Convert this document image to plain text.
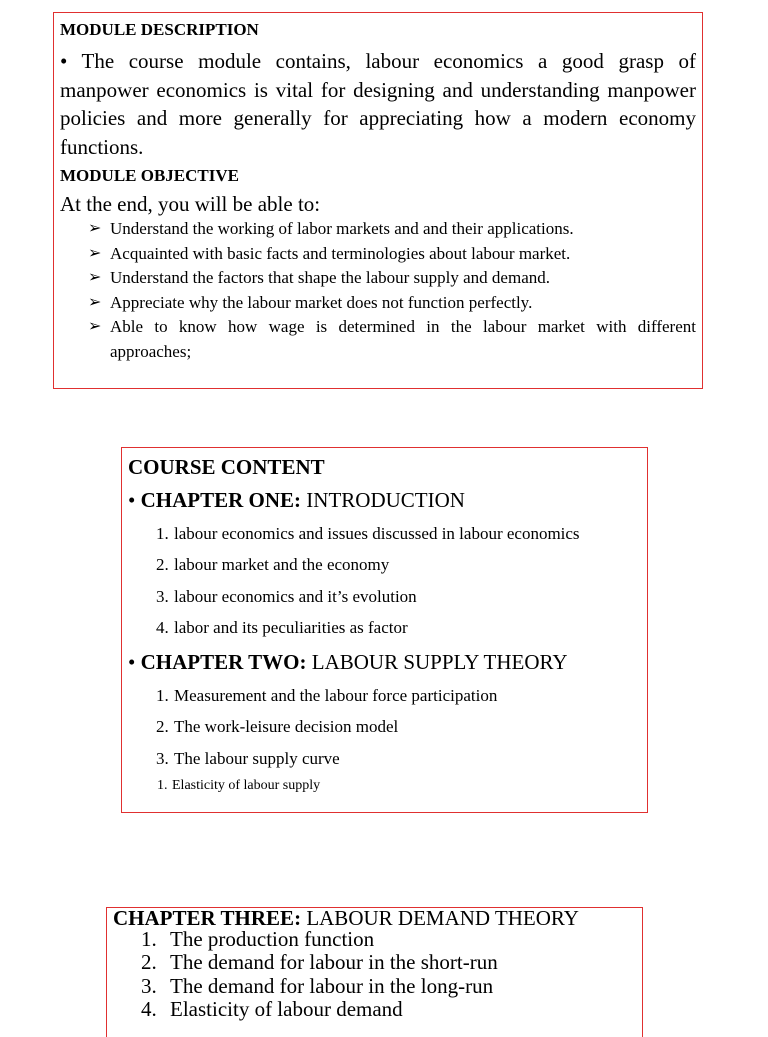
MODULE DESCRIPTION

• The course module contains, labour economics a good grasp of manpower economics is vital for designing and understanding manpower policies and more generally for appreciating how a modern economy functions.

MODULE OBJECTIVE

At the end, you will be able to:

➢ Understand the working of labor markets and and their applications.
➢ Acquainted with basic facts and terminologies about labour market.
➢ Understand the factors that shape the labour supply and demand.
➢ Appreciate why the labour market does not function perfectly.
➢ Able to know how wage is determined in the labour market with different approaches;

COURSE CONTENT

• CHAPTER ONE: INTRODUCTION

1. labour economics and issues discussed in labour economics
2. labour market and the economy
3. labour economics and it’s evolution
4. labor and its peculiarities as factor

• CHAPTER TWO: LABOUR SUPPLY THEORY

1. Measurement and the labour force participation
2. The work-leisure decision model
3. The labour supply curve
1. Elasticity of labour supply

CHAPTER THREE: LABOUR DEMAND THEORY

1. The production function
2. The demand for labour in the short-run
3. The demand for labour in the long-run
4. Elasticity of labour demand
